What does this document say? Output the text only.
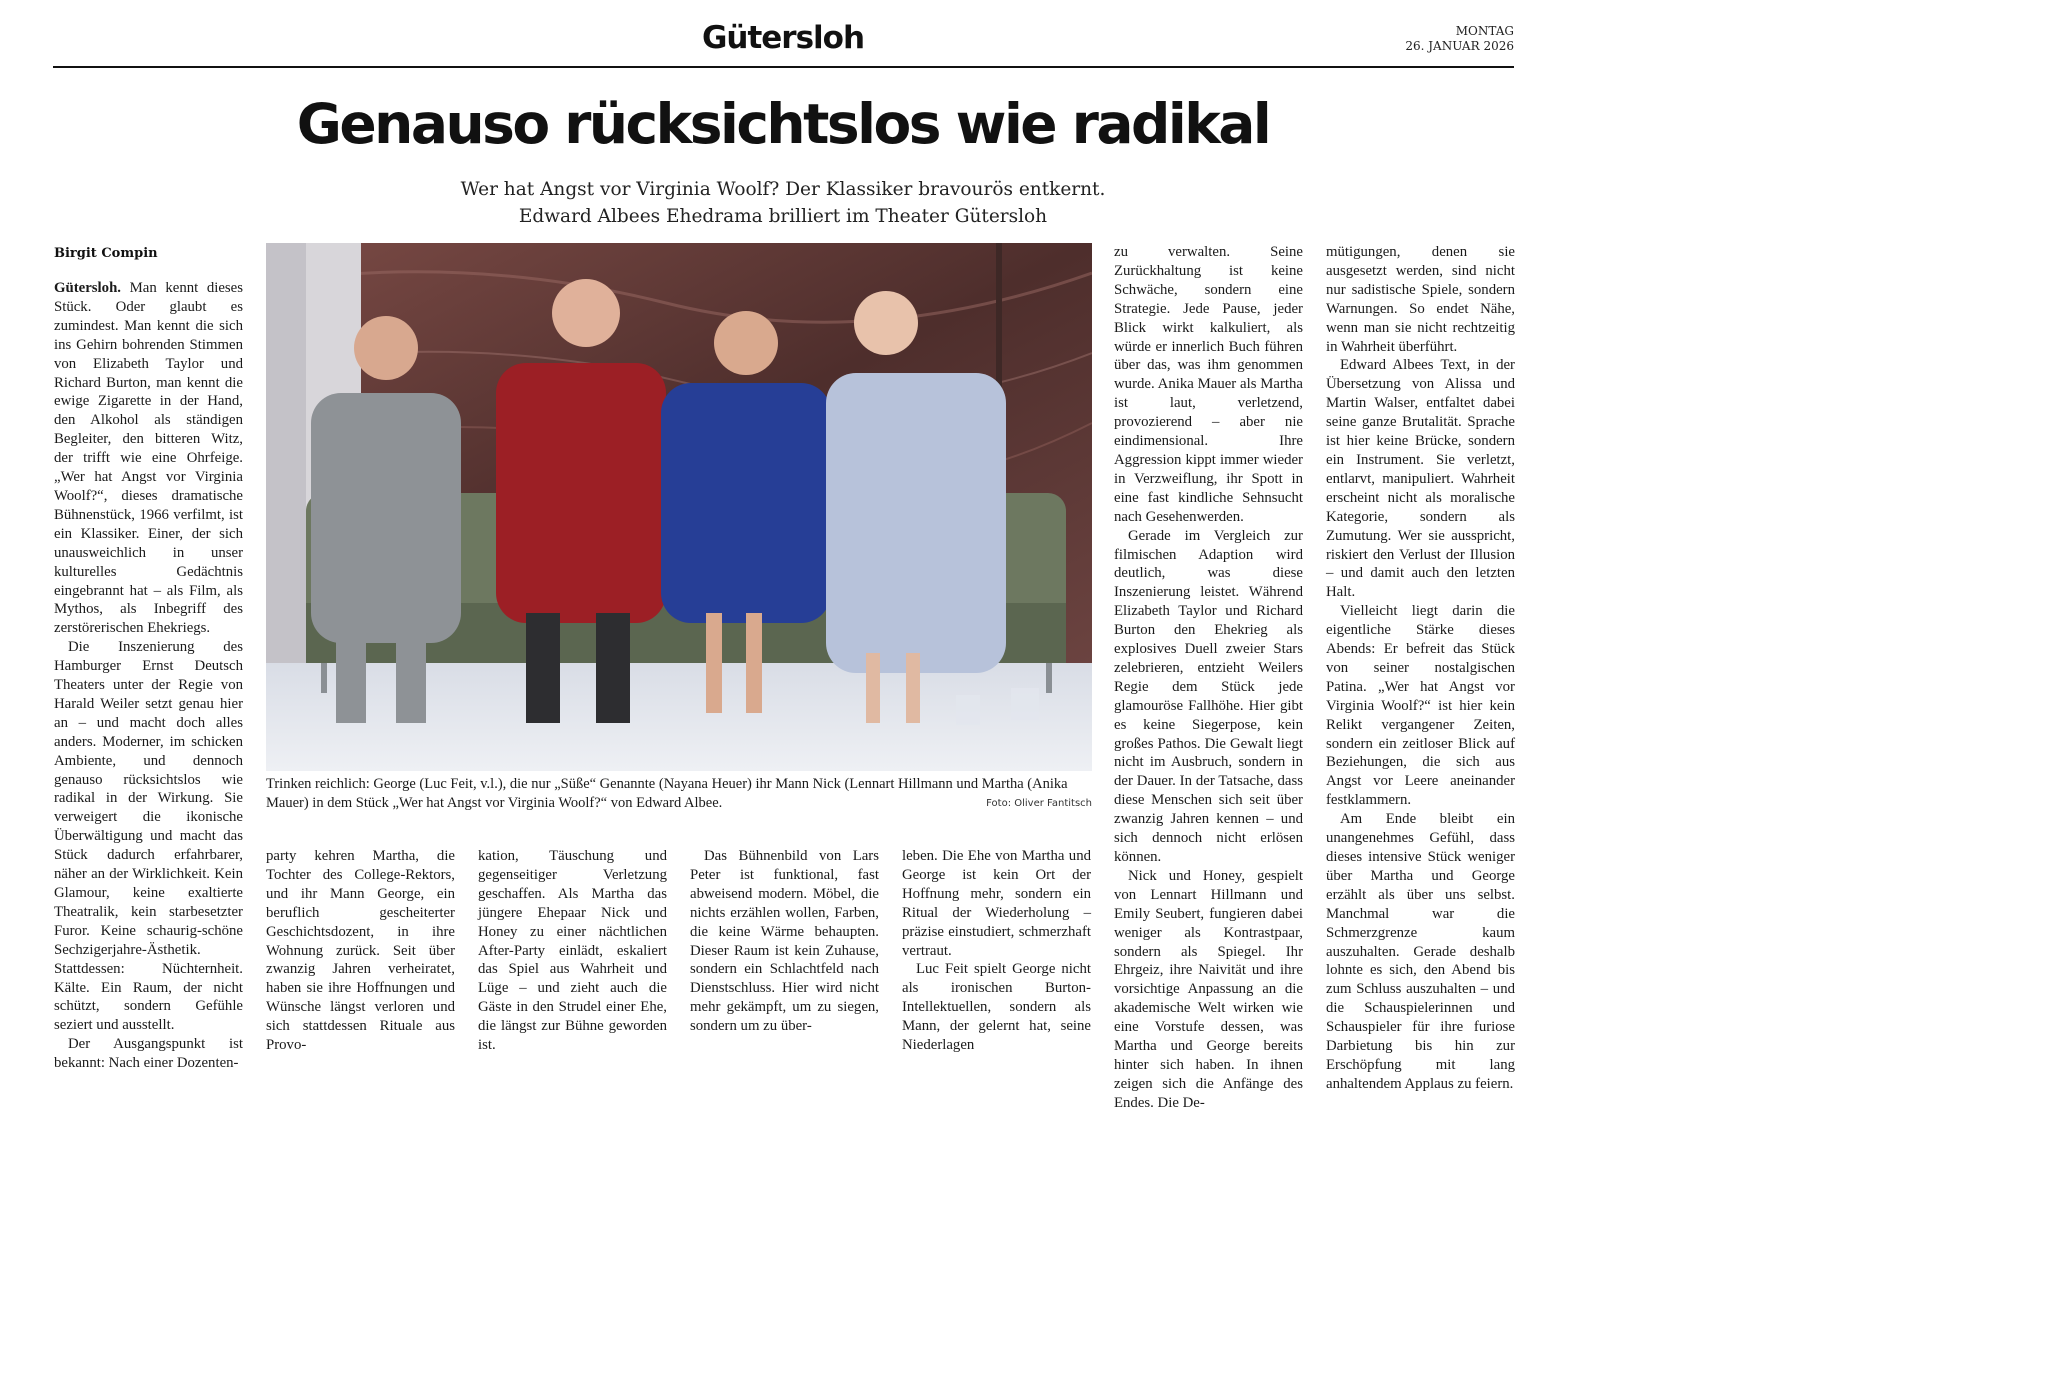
Gütersloh	MONTAG
26. JANUAR 2026
Genauso rücksichtslos wie radikal
Wer hat Angst vor Virginia Woolf? Der Klassiker bravourös entkernt.
Edward Albees Ehedrama brilliert im Theater Gütersloh
Birgit Compin

Gütersloh. Man kennt dieses Stück. Oder glaubt es zumindest. Man kennt die sich ins Gehirn bohrenden Stimmen von Elizabeth Taylor und Richard Burton, man kennt die ewige Zigarette in der Hand, den Alkohol als ständigen Begleiter, den bitteren Witz, der trifft wie eine Ohrfeige. „Wer hat Angst vor Virginia Woolf?“, dieses dramatische Bühnenstück, 1966 verfilmt, ist ein Klassiker. Einer, der sich unausweichlich in unser kulturelles Gedächtnis eingebrannt hat – als Film, als Mythos, als Inbegriff des zerstörerischen Ehekriegs.

Die Inszenierung des Hamburger Ernst Deutsch Theaters unter der Regie von Harald Weiler setzt genau hier an – und macht doch alles anders. Moderner, im schicken Ambiente, und dennoch genauso rücksichtslos wie radikal in der Wirkung. Sie verweigert die ikonische Überwältigung und macht das Stück dadurch erfahrbarer, näher an der Wirklichkeit. Kein Glamour, keine exaltierte Theatralik, kein starbesetzter Furor. Keine schaurig-schöne Sechzigerjahre-Ästhetik. Stattdessen: Nüchternheit. Kälte. Ein Raum, der nicht schützt, sondern Gefühle seziert und ausstellt.

Der Ausgangspunkt ist bekannt: Nach einer Dozenten-

Trinken reichlich: George (Luc Feit, v.l.), die nur „Süße“ Genannte (Nayana Heuer) ihr Mann Nick (Lennart Hillmann und Martha (Anika Mauer) in dem Stück „Wer hat Angst vor Virginia Woolf?“ von Edward Albee.	Foto: Oliver Fantitsch

party kehren Martha, die Tochter des College-Rektors, und ihr Mann George, ein beruflich gescheiterter Geschichtsdozent, in ihre Wohnung zurück. Seit über zwanzig Jahren verheiratet, haben sie ihre Hoffnungen und Wünsche längst verloren und sich stattdessen Rituale aus Provo-

kation, Täuschung und gegenseitiger Verletzung geschaffen. Als Martha das jüngere Ehepaar Nick und Honey zu einer nächtlichen After-Party einlädt, eskaliert das Spiel aus Wahrheit und Lüge – und zieht auch die Gäste in den Strudel einer Ehe, die längst zur Bühne geworden ist.

Das Bühnenbild von Lars Peter ist funktional, fast abweisend modern. Möbel, die nichts erzählen wollen, Farben, die keine Wärme behaupten. Dieser Raum ist kein Zuhause, sondern ein Schlachtfeld nach Dienstschluss. Hier wird nicht mehr gekämpft, um zu siegen, sondern um zu über-

leben. Die Ehe von Martha und George ist kein Ort der Hoffnung mehr, sondern ein Ritual der Wiederholung – präzise einstudiert, schmerzhaft vertraut.

Luc Feit spielt George nicht als ironischen Burton-Intellektuellen, sondern als Mann, der gelernt hat, seine Niederlagen

zu verwalten. Seine Zurückhaltung ist keine Schwäche, sondern eine Strategie. Jede Pause, jeder Blick wirkt kalkuliert, als würde er innerlich Buch führen über das, was ihm genommen wurde. Anika Mauer als Martha ist laut, verletzend, provozierend – aber nie eindimensional. Ihre Aggression kippt immer wieder in Verzweiflung, ihr Spott in eine fast kindliche Sehnsucht nach Gesehenwerden.

Gerade im Vergleich zur filmischen Adaption wird deutlich, was diese Inszenierung leistet. Während Elizabeth Taylor und Richard Burton den Ehekrieg als explosives Duell zweier Stars zelebrieren, entzieht Weilers Regie dem Stück jede glamouröse Fallhöhe. Hier gibt es keine Siegerpose, kein großes Pathos. Die Gewalt liegt nicht im Ausbruch, sondern in der Dauer. In der Tatsache, dass diese Menschen sich seit über zwanzig Jahren kennen – und sich dennoch nicht erlösen können.

Nick und Honey, gespielt von Lennart Hillmann und Emily Seubert, fungieren dabei weniger als Kontrastpaar, sondern als Spiegel. Ihr Ehrgeiz, ihre Naivität und ihre vorsichtige Anpassung an die akademische Welt wirken wie eine Vorstufe dessen, was Martha und George bereits hinter sich haben. In ihnen zeigen sich die Anfänge des Endes. Die De-

mütigungen, denen sie ausgesetzt werden, sind nicht nur sadistische Spiele, sondern Warnungen. So endet Nähe, wenn man sie nicht rechtzeitig in Wahrheit überführt.

Edward Albees Text, in der Übersetzung von Alissa und Martin Walser, entfaltet dabei seine ganze Brutalität. Sprache ist hier keine Brücke, sondern ein Instrument. Sie verletzt, entlarvt, manipuliert. Wahrheit erscheint nicht als moralische Kategorie, sondern als Zumutung. Wer sie ausspricht, riskiert den Verlust der Illusion – und damit auch den letzten Halt.

Vielleicht liegt darin die eigentliche Stärke dieses Abends: Er befreit das Stück von seiner nostalgischen Patina. „Wer hat Angst vor Virginia Woolf?“ ist hier kein Relikt vergangener Zeiten, sondern ein zeitloser Blick auf Beziehungen, die sich aus Angst vor Leere aneinander festklammern.

Am Ende bleibt ein unangenehmes Gefühl, dass dieses intensive Stück weniger über Martha und George erzählt als über uns selbst. Manchmal war die Schmerzgrenze kaum auszuhalten. Gerade deshalb lohnte es sich, den Abend bis zum Schluss auszuhalten – und die Schauspielerinnen und Schauspieler für ihre furiose Darbietung bis hin zur Erschöpfung mit lang anhaltendem Applaus zu feiern.
